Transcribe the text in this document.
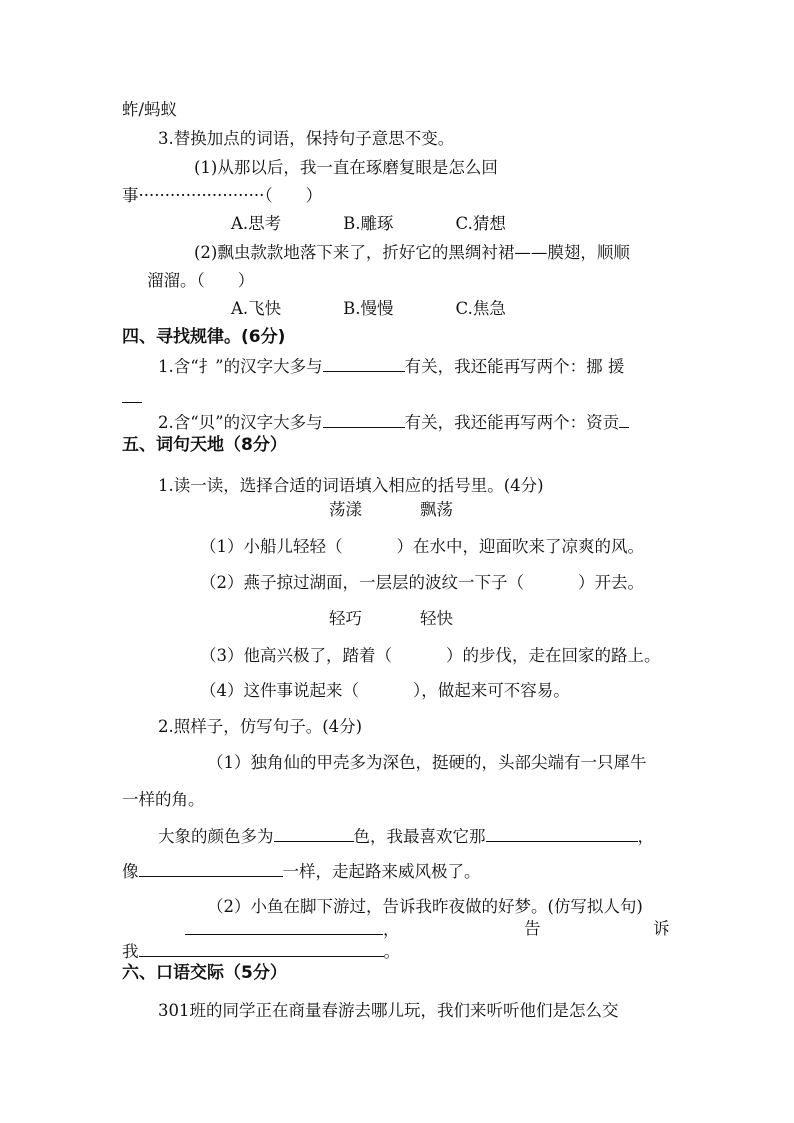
蚱/蚂蚁
3.替换加点的词语，保持句子意思不变。
(1)从那以后，我一直在琢磨复眼是怎么回
事························（　　）
A.思考	B.雕琢	C.猜想
(2)飘虫款款地落下来了，折好它的黑绸衬裙——膜翅，顺顺
溜溜。（　　）
A.飞快	B.慢慢	C.焦急
四、寻找规律。(6分)
1.含“扌”的汉字大多与	有关，我还能再写两个：挪 援
2.含“贝”的汉字大多与	有关，我还能再写两个：资贡
五、词句天地（8分）
1.读一读，选择合适的词语填入相应的括号里。(4分)
荡漾	飘荡
（1）小船儿轻轻（	）在水中，迎面吹来了凉爽的风。
（2）燕子掠过湖面，一层层的波纹一下子（	）开去。
轻巧	轻快
（3）他高兴极了，踏着（	）的步伐，走在回家的路上。
（4）这件事说起来（	），做起来可不容易。
2.照样子，仿写句子。(4分)
（1）独角仙的甲壳多为深色，挺硬的，头部尖端有一只犀牛
一样的角。
大象的颜色多为	色，我最喜欢它那	，
像	一样，走起路来威风极了。
（2）小鱼在脚下游过，告诉我昨夜做的好梦。(仿写拟人句)
，	告	诉
我	。
六、口语交际（5分）
301班的同学正在商量春游去哪儿玩，我们来听听他们是怎么交
